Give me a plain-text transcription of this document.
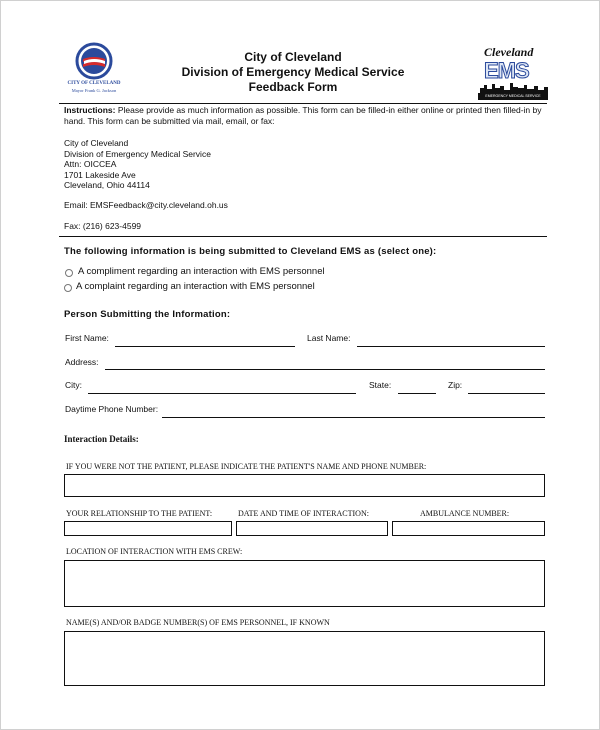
CITY OF CLEVELAND
Mayor Frank G. Jackson
City of Cleveland
Division of Emergency Medical Service
Feedback Form
Cleveland
EMS
EMERGENCY MEDICAL SERVICE
Instructions: Please provide as much information as possible. This form can be filled-in either online or printed then filled-in by hand. This form can be submitted via mail, email, or fax:
City of Cleveland
Division of Emergency Medical Service
Attn: OICCEA
1701 Lakeside Ave
Cleveland, Ohio 44114
Email: EMSFeedback@city.cleveland.oh.us
Fax: (216) 623-4599
The following information is being submitted to Cleveland EMS as (select one):
A compliment regarding an interaction with EMS personnel
A complaint regarding an interaction with EMS personnel
Person Submitting the Information:
First Name:	Last Name:
Address:
City:	State:	Zip:
Daytime Phone Number:
Interaction Details:
IF YOU WERE NOT THE PATIENT, PLEASE INDICATE THE PATIENT'S NAME AND PHONE NUMBER:
YOUR RELATIONSHIP TO THE PATIENT:	DATE AND TIME OF INTERACTION:	AMBULANCE NUMBER:
LOCATION OF INTERACTION WITH EMS CREW:
NAME(S) AND/OR BADGE NUMBER(S) OF EMS PERSONNEL, IF KNOWN
